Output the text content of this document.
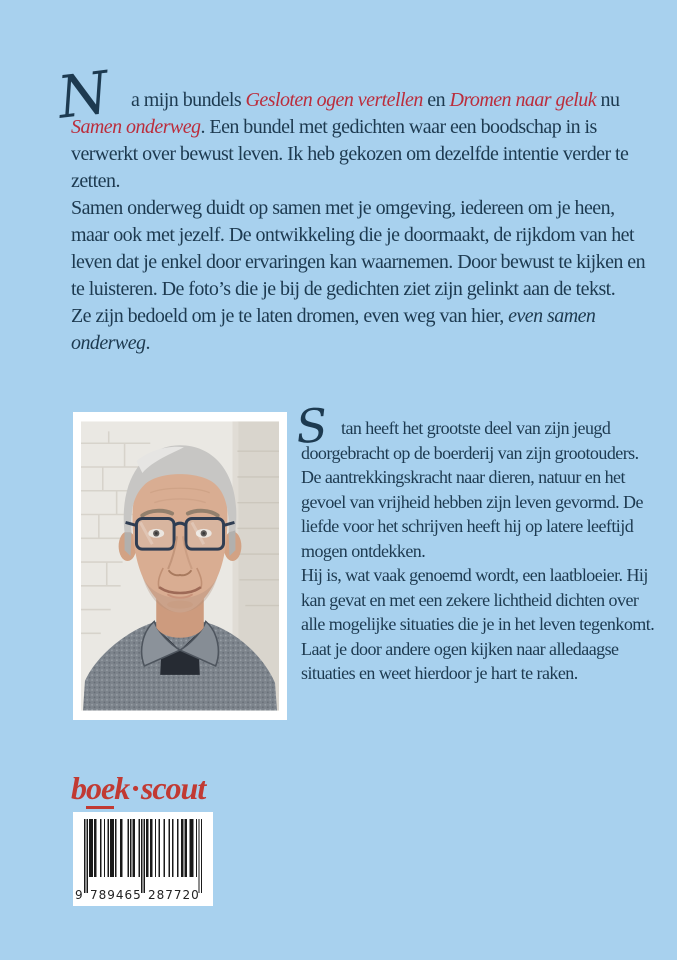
N a mijn bundels Gesloten ogen vertellen en Dromen naar geluk nu Samen onderweg. Een bundel met gedichten waar een boodschap in is verwerkt over bewust leven. Ik heb gekozen om dezelfde intentie verder te zetten.

Samen onderweg duidt op samen met je omgeving, iedereen om je heen, maar ook met jezelf. De ontwikkeling die je doormaakt, de rijkdom van het leven dat je enkel door ervaringen kan waarnemen. Door bewust te kijken en te luisteren. De foto’s die je bij de gedichten ziet zijn gelinkt aan de tekst.

Ze zijn bedoeld om je te laten dromen, even weg van hier, even samen onderweg.

S tan heeft het grootste deel van zijn jeugd doorgebracht op de boerderij van zijn grootouders.

De aantrekkingskracht naar dieren, natuur en het gevoel van vrijheid hebben zijn leven gevormd. De liefde voor het schrijven heeft hij op latere leeftijd mogen ontdekken.

Hij is, wat vaak genoemd wordt, een laatbloeier. Hij kan gevat en met een zekere lichtheid dichten over alle mogelijke situaties die je in het leven tegenkomt. Laat je door andere ogen kijken naar alledaagse situaties en weet hierdoor je hart te raken.

boek·scout
9 789465 287720
